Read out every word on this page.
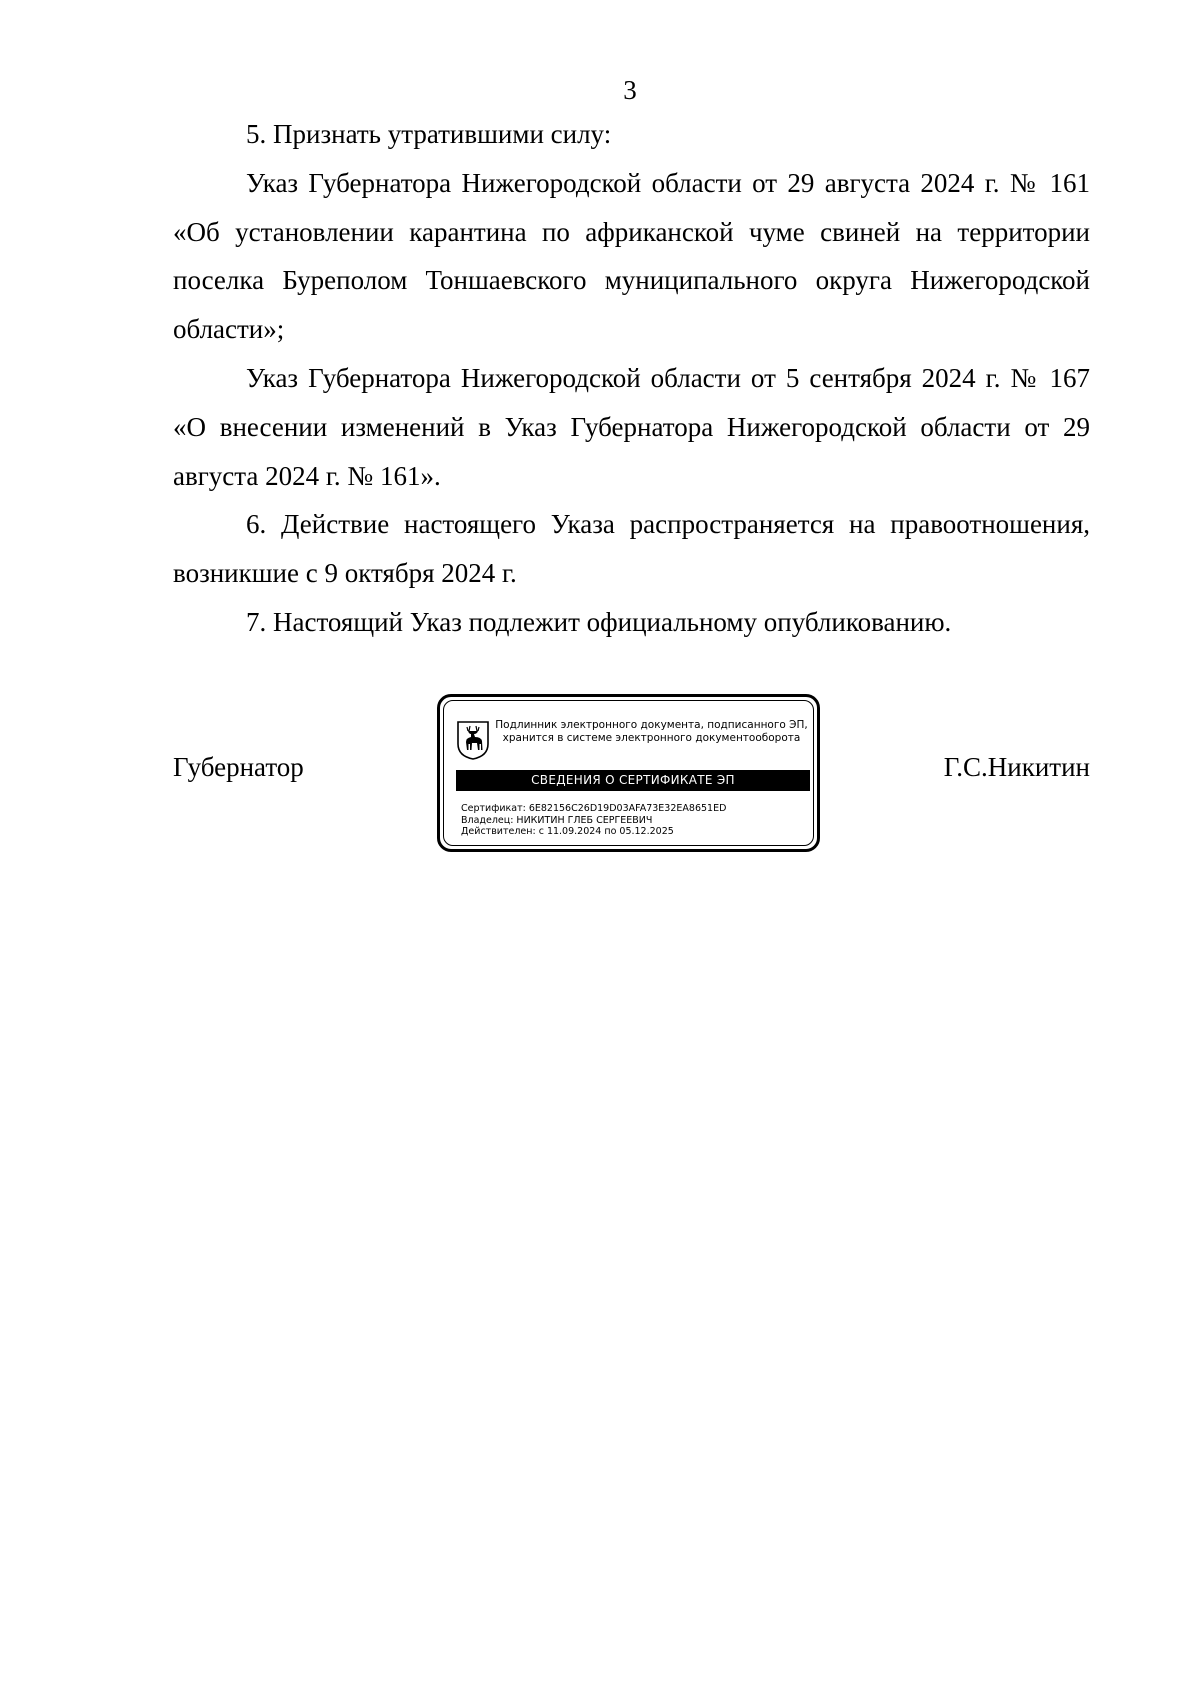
3

5. Признать утратившими силу:

Указ Губернатора Нижегородской области от 29 августа 2024 г. № 161 «Об установлении карантина по африканской чуме свиней на территории поселка Буреполом Тоншаевского муниципального округа Нижегородской области»;

Указ Губернатора Нижегородской области от 5 сентября 2024 г. № 167 «О внесении изменений в Указ Губернатора Нижегородской области от 29 августа 2024 г. № 161».

6. Действие настоящего Указа распространяется на правоотношения, возникшие с 9 октября 2024 г.

7. Настоящий Указ подлежит официальному опубликованию.

Губернатор	Г.С.Никитин
Подлинник электронного документа, подписанного ЭП,
хранится в системе электронного документооборота
СВЕДЕНИЯ О СЕРТИФИКАТЕ ЭП
Сертификат: 6E82156C26D19D03AFA73E32EA8651ED
Владелец: НИКИТИН ГЛЕБ СЕРГЕЕВИЧ
Действителен: с 11.09.2024 по 05.12.2025
